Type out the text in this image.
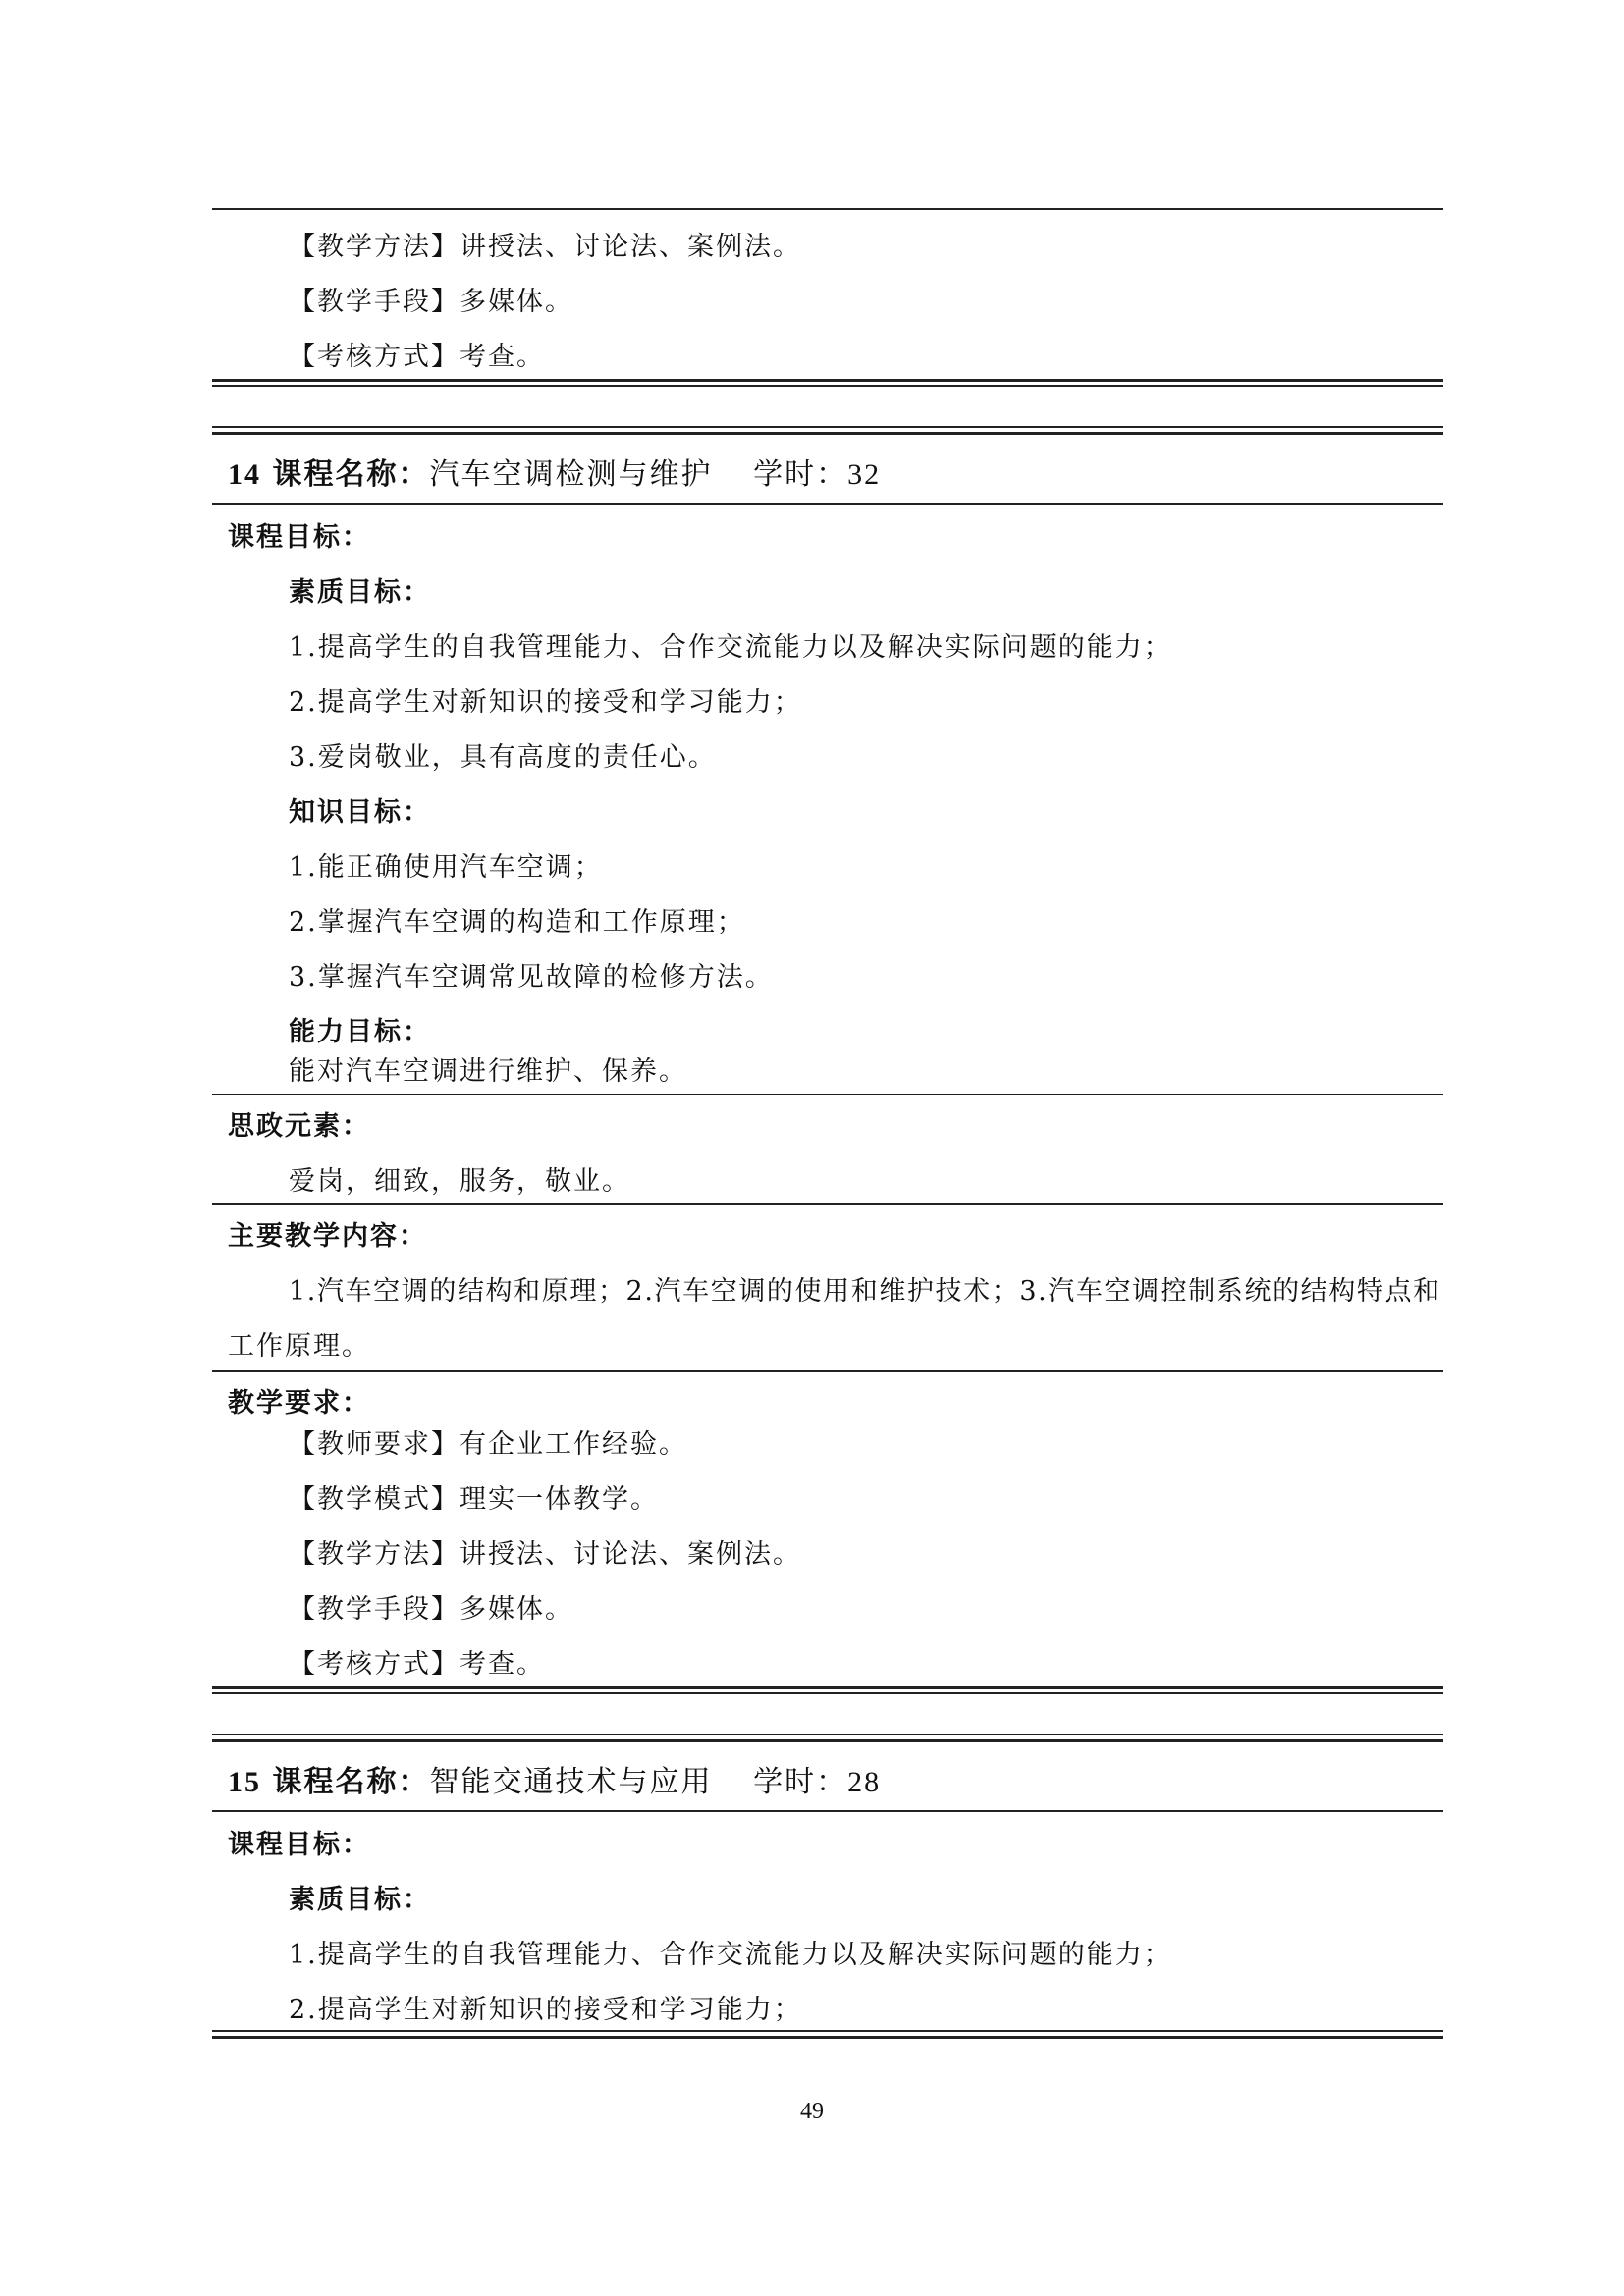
【教学方法】讲授法、讨论法、案例法。
【教学手段】多媒体。
【考核方式】考查。
14 课程名称：汽车空调检测与维护 学时：32
课程目标：
素质目标：
1.提高学生的自我管理能力、合作交流能力以及解决实际问题的能力；
2.提高学生对新知识的接受和学习能力；
3.爱岗敬业，具有高度的责任心。
知识目标：
1.能正确使用汽车空调；
2.掌握汽车空调的构造和工作原理；
3.掌握汽车空调常见故障的检修方法。
能力目标：
能对汽车空调进行维护、保养。
思政元素：
爱岗，细致，服务，敬业。
主要教学内容：
1.汽车空调的结构和原理；2.汽车空调的使用和维护技术；3.汽车空调控制系统的结构特点和
工作原理。
教学要求：
【教师要求】有企业工作经验。
【教学模式】理实一体教学。
【教学方法】讲授法、讨论法、案例法。
【教学手段】多媒体。
【考核方式】考查。
15 课程名称：智能交通技术与应用 学时：28
课程目标：
素质目标：
1.提高学生的自我管理能力、合作交流能力以及解决实际问题的能力；
2.提高学生对新知识的接受和学习能力；
49
